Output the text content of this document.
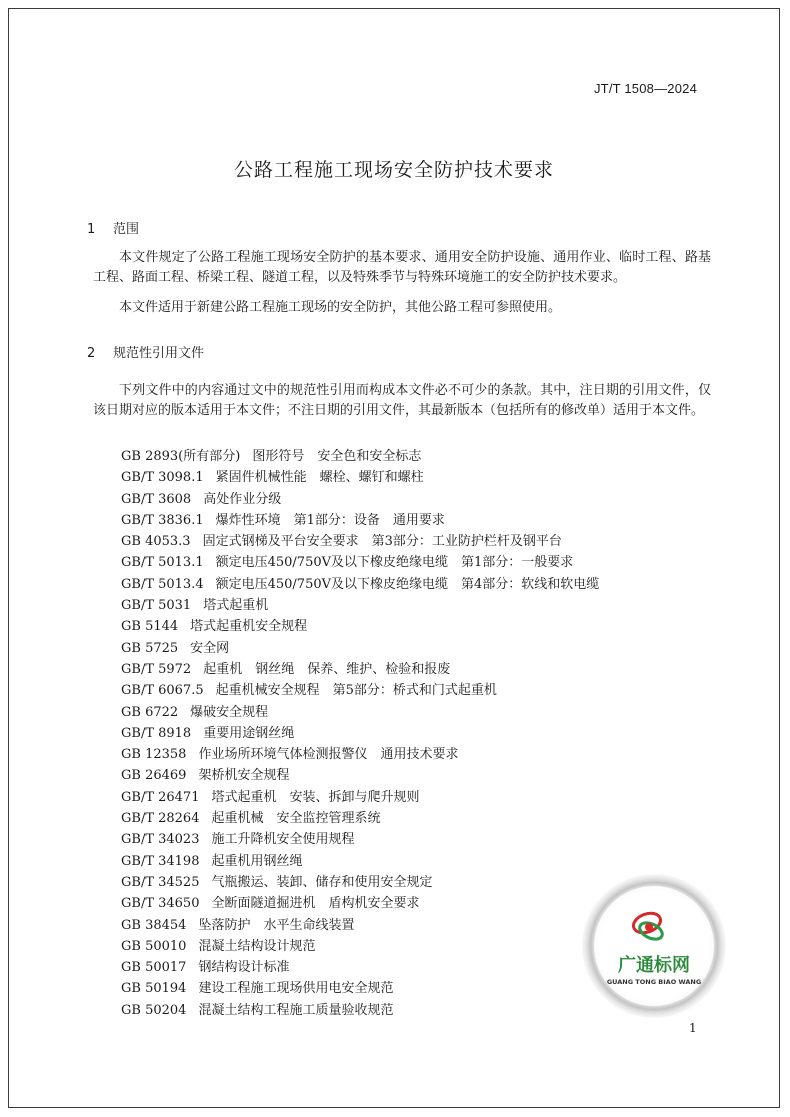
JT/T 1508—2024
公路工程施工现场安全防护技术要求
1 范围

本文件规定了公路工程施工现场安全防护的基本要求、通用安全防护设施、通用作业、临时工程、路基工程、路面工程、桥梁工程、隧道工程，以及特殊季节与特殊环境施工的安全防护技术要求。

本文件适用于新建公路工程施工现场的安全防护，其他公路工程可参照使用。

2 规范性引用文件

下列文件中的内容通过文中的规范性引用而构成本文件必不可少的条款。其中，注日期的引用文件，仅该日期对应的版本适用于本文件；不注日期的引用文件，其最新版本（包括所有的修改单）适用于本文件。

GB 2893(所有部分) 图形符号　安全色和安全标志
GB/T 3098.1 紧固件机械性能　螺栓、螺钉和螺柱
GB/T 3608 高处作业分级
GB/T 3836.1 爆炸性环境　第1部分：设备　通用要求
GB 4053.3 固定式钢梯及平台安全要求　第3部分：工业防护栏杆及钢平台
GB/T 5013.1 额定电压450/750V及以下橡皮绝缘电缆　第1部分：一般要求
GB/T 5013.4 额定电压450/750V及以下橡皮绝缘电缆　第4部分：软线和软电缆
GB/T 5031 塔式起重机
GB 5144 塔式起重机安全规程
GB 5725 安全网
GB/T 5972 起重机　钢丝绳　保养、维护、检验和报废
GB/T 6067.5 起重机械安全规程　第5部分：桥式和门式起重机
GB 6722 爆破安全规程
GB/T 8918 重要用途钢丝绳
GB 12358 作业场所环境气体检测报警仪　通用技术要求
GB 26469 架桥机安全规程
GB/T 26471 塔式起重机　安装、拆卸与爬升规则
GB/T 28264 起重机械　安全监控管理系统
GB/T 34023 施工升降机安全使用规程
GB/T 34198 起重机用钢丝绳
GB/T 34525 气瓶搬运、装卸、储存和使用安全规定
GB/T 34650 全断面隧道掘进机　盾构机安全要求
GB 38454 坠落防护　水平生命线装置
GB 50010 混凝土结构设计规范
GB 50017 钢结构设计标准
GB 50194 建设工程施工现场供用电安全规范
GB 50204 混凝土结构工程施工质量验收规范
1
广通标网
GUANG TONG BIAO WANG
